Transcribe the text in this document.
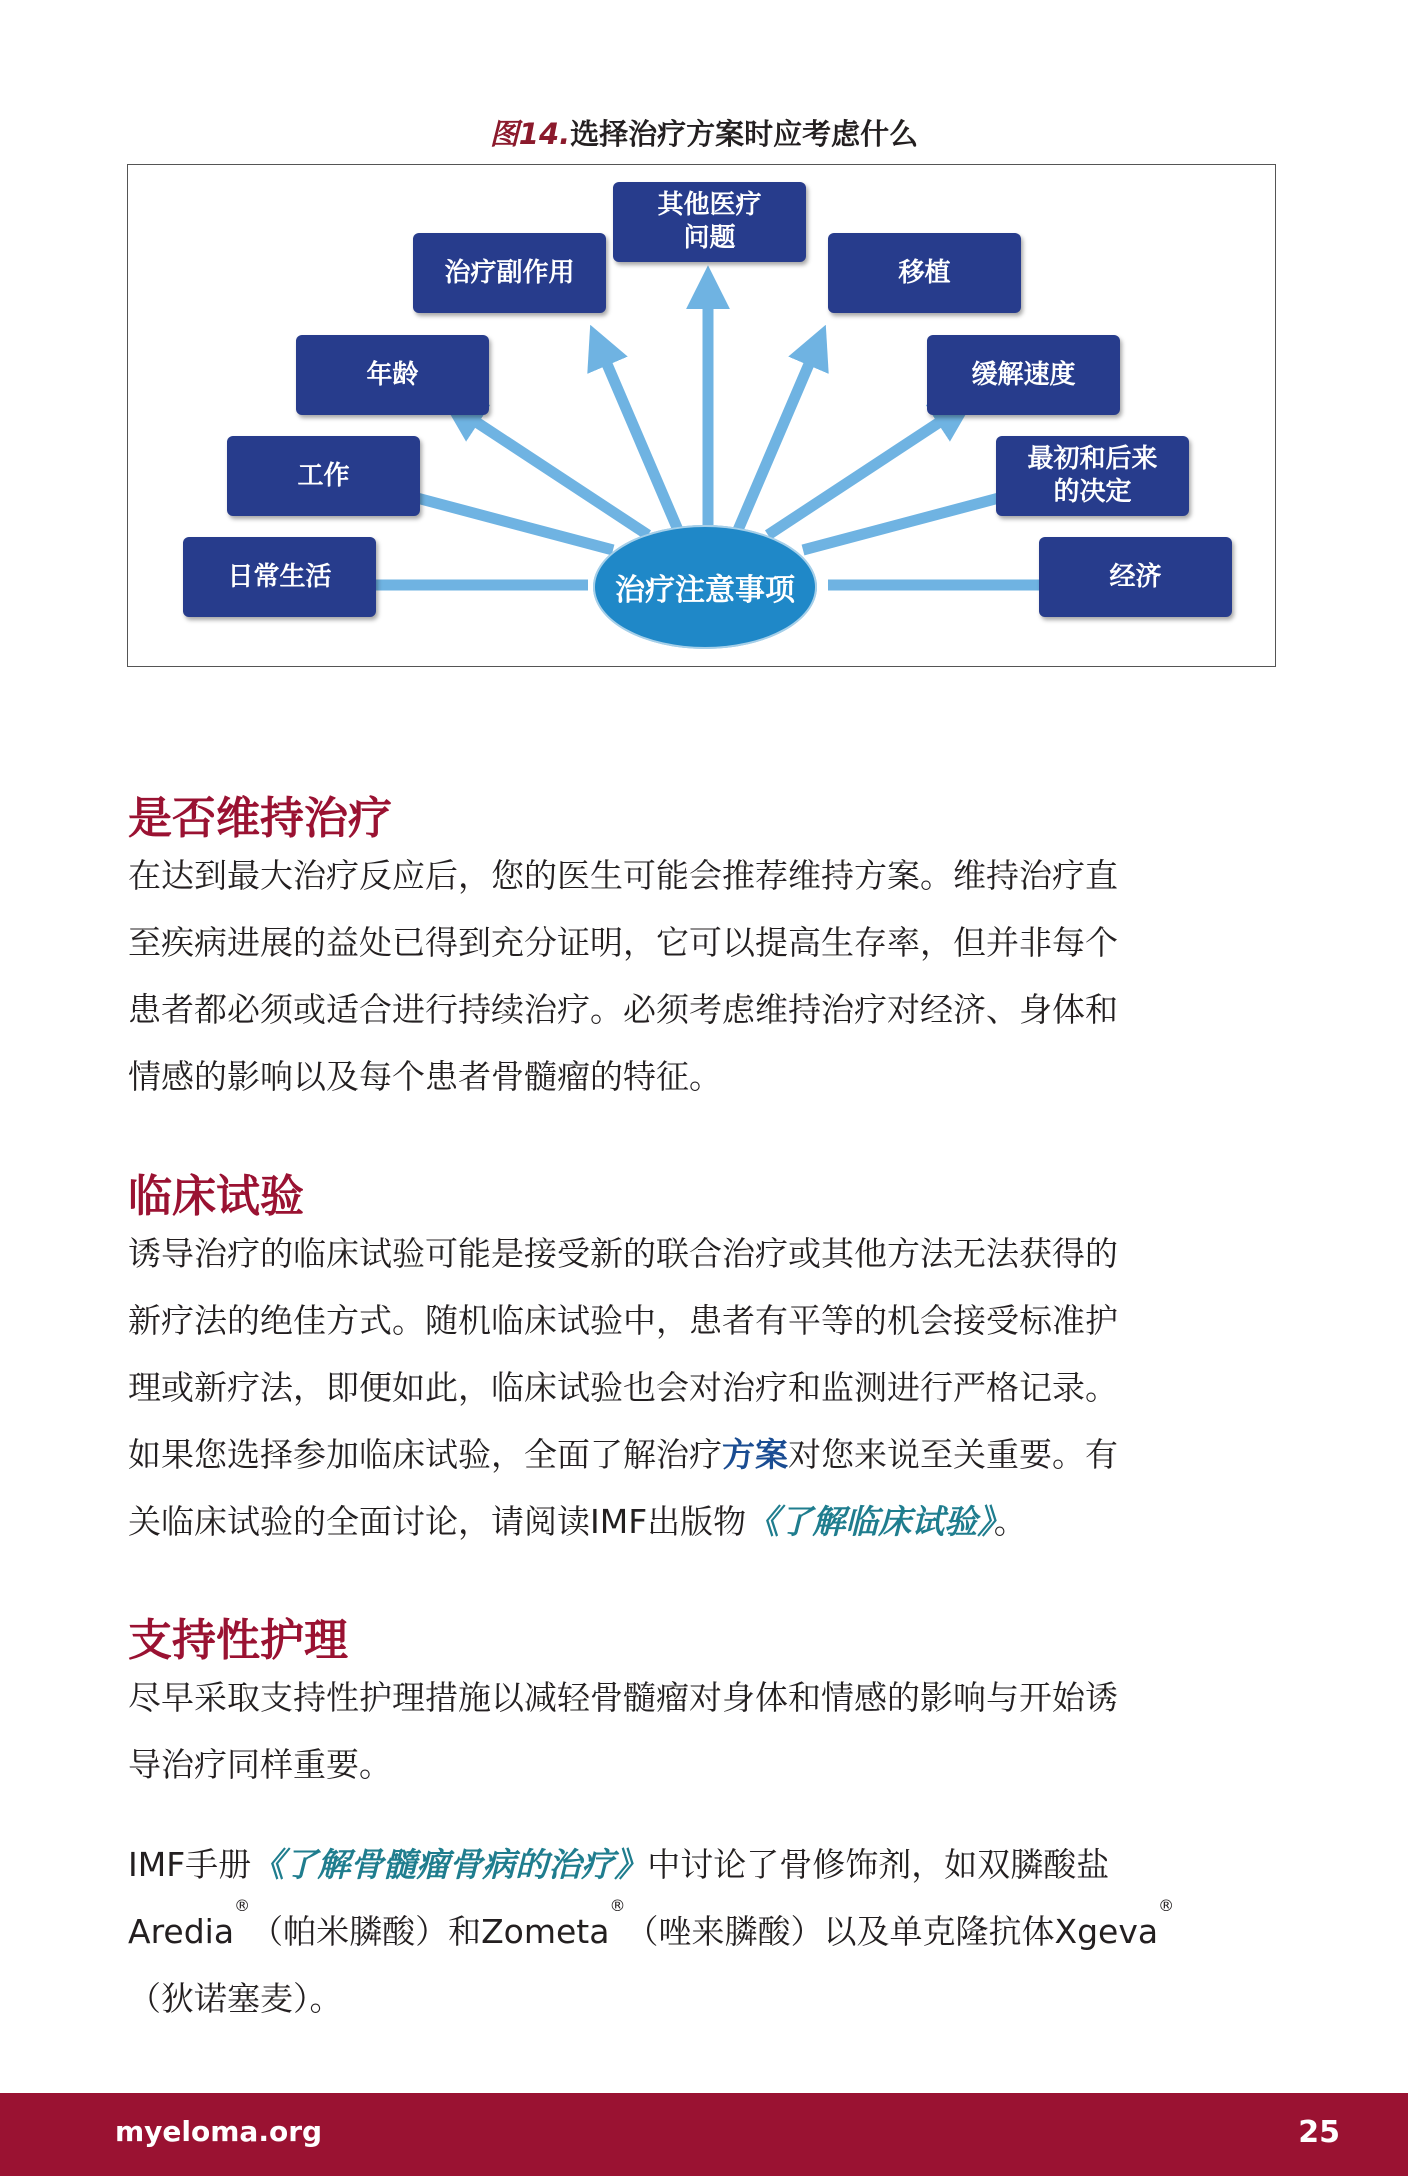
图14.选择治疗方案时应考虑什么
日常生活
工作
年龄
治疗副作用
其他医疗
问题
移植
缓解速度
最初和后来
的决定
经济
治疗注意事项
是否维持治疗
在达到最大治疗反应后，您的医生可能会推荐维持方案。维持治疗直
至疾病进展的益处已得到充分证明，它可以提高生存率，但并非每个
患者都必须或适合进行持续治疗。必须考虑维持治疗对经济、身体和
情感的影响以及每个患者骨髓瘤的特征。
临床试验
诱导治疗的临床试验可能是接受新的联合治疗或其他方法无法获得的
新疗法的绝佳方式。随机临床试验中，患者有平等的机会接受标准护
理或新疗法，即便如此，临床试验也会对治疗和监测进行严格记录。
如果您选择参加临床试验，全面了解治疗方案对您来说至关重要。有
关临床试验的全面讨论，请阅读IMF出版物《了解临床试验》。
支持性护理
尽早采取支持性护理措施以减轻骨髓瘤对身体和情感的影响与开始诱
导治疗同样重要。
IMF手册《了解骨髓瘤骨病的治疗》中讨论了骨修饰剂，如双膦酸盐
Aredia®（帕米膦酸）和Zometa®（唑来膦酸）以及单克隆抗体Xgeva®
（狄诺塞麦）。
myeloma.org	25
